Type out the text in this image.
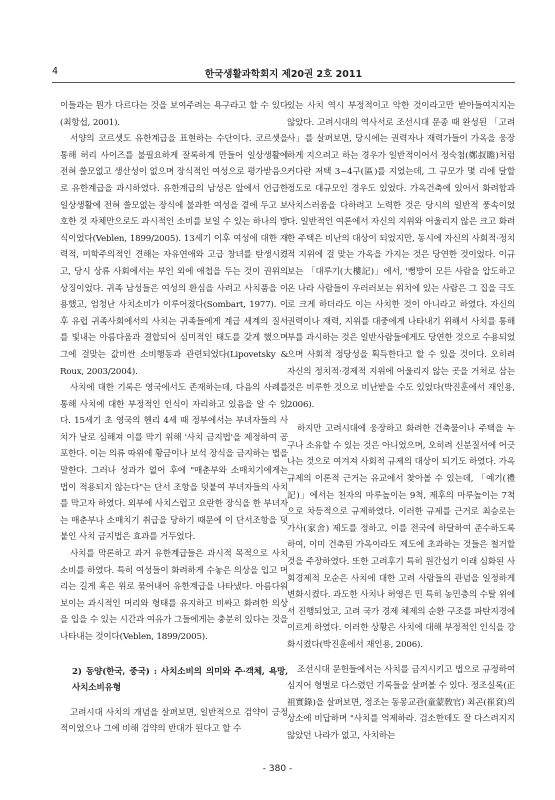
4	한국생활과학회지 제20권 2호 2011

이들과는 뭔가 다르다는 것을 보여주려는 욕구라고 할 수 있다(최항섭, 2001).

서양의 코르셋도 유한계급을 표현하는 수단이다. 코르셋을 통해 허리 사이즈를 불필요하게 잘록하게 만들어 일상생활에 전혀 쓸모없고 생산성이 없으며 장식적인 여성으로 평가받음으로 유한계급을 과시하였다. 유한계급의 남성은 앞에서 언급한 일상생활에 전혀 쓸모없는 장식에 불과한 여성을 곁에 두고 보호한 것 자체만으로도 과시적인 소비를 보일 수 있는 하나의 방식이었다(Veblen, 1899/2005). 13세기 이후 여성에 대한 재력적, 미학주의적인 견해는 자유연애와 고급 창녀를 탄생시켰고, 당시 상류 사회에서는 부인 외에 애첩을 두는 것이 권위의 상징이었다. 귀족 남성들은 여성의 환심을 사려고 사치품을 이용했고, 엄청난 사치소비가 이루어졌다(Sombart, 1977). 이후 유럽 귀족사회에서의 사치는 귀족들에게 계급 세계의 질서를 빛내는 아름다움과 결합되어 심미적인 태도를 갖게 했으며 그에 걸맞는 값비싼 소비행동과 관련되었다(Lipovetsky & Roux, 2003/2004).

사치에 대한 기록은 영국에서도 존재하는데, 다음의 사례를 통해 사치에 대한 부정적인 인식이 자리하고 있음을 알 수 있다. 15세기 초 영국의 헨리 4세 때 정부에서는 부녀자들의 사치가 날로 심해져 이를 막기 위해 '사치 금지법'을 제정하여 공포한다. 이는 의류 따위에 황금이나 보석 장식을 금지하는 법을 말한다. 그러나 성과가 없어 후에 "매춘부와 소매치기에게는 법이 적용되지 않는다"는 단서 조항을 덧붙여 부녀자들의 사치를 막고자 하였다. 외부에 사치스럽고 요란한 장식을 한 부녀자는 매춘부나 소매치기 취급을 당하기 때문에 이 단서조항을 덧붙인 사치 금지법은 효과를 거두었다.

사치를 막론하고 과거 유한계급들은 과시적 목적으로 사치소비를 하였다. 특히 여성들이 화려하게 수놓은 의상을 입고 머리는 길게 혹은 위로 묶어내어 유한계급을 나타냈다. 아름다워 보이는 과시적인 머리와 형태를 유지하고 비싸고 화려한 의상을 입을 수 있는 시간과 여유가 그들에게는 충분히 있다는 것을 나타내는 것이다(Veblen, 1899/2005).

2) 동양(한국, 중국) : 사치소비의 의미와 주·객체, 욕망, 사치소비유형

고려시대 사치의 개념을 살펴보면, 일반적으로 검약이 긍정적이었으나 그에 비해 검약의 반대가 된다고 할 수

있는 사치 역시 부정적이고 악한 것이라고만 받아들여지지는 않았다. 고려시대의 역사서로 조선시대 문종 때 완성된 「고려사」를 살펴보면, 당시에는 권력자나 재력가들이 가옥을 웅장하게 지으려고 하는 경우가 일반적이어서 정숙첨(鄭叔瞻)처럼 커다란 저택 3~4구(區)를 지었는데, 그 규모가 몇 리에 달할 정도로 대규모인 경우도 있었다. 가옥건축에 있어서 화려함과 사치스러움을 다하려고 노력한 것은 당시의 일반적 풍속이었다. 일반적인 여론에서 자신의 지위와 어울리지 않은 크고 화려한 주택은 비난의 대상이 되었지만, 동시에 자신의 사회적·정치적 지위에 걸 맞는 가옥을 가지는 것은 당연한 것이었다. 이규보는 「대루기(大樓記)」에서, '뻥방이 모든 사람을 압도하고 온 나라 사람들이 우러러보는 위치에 있는 사람은 그 집을 극도로 크게 하더라도 이는 사치한 것이 아니라고 하였다. 자신의 권력이나 재력, 지위를 대중에게 나타내기 위해서 사치를 통해 부를 과시하는 것은 일반사람들에게도 당연한 것으로 수용되었으며 사회적 정당성을 획득한다고 할 수 있을 것이다. 오히려 자신의 정치적·경제적 지위에 어울리지 않는 곳을 거처로 삼는 것은 비루한 것으로 비난받을 수도 있었다(박진훈에서 재인용, 2006).

하지만 고려시대에 웅장하고 화려한 건축물이나 주택을 누구나 소유할 수 있는 것은 아니었으며, 오히려 신분질서에 어긋나는 것으로 여겨져 사회적 규제의 대상이 되기도 하였다. 가옥 규제의 이론적 근거는 유교에서 찾아볼 수 있는데, 「예기(禮記)」에서는 천자의 마루높이는 9척, 제후의 마루높이는 7척으로 차등적으로 규제하였다. 이러한 규제를 근거로 최승로는 가사(家舍) 제도를 정하고, 이를 전국에 하달하여 준수하도록 하여, 이미 건축된 가옥이라도 제도에 초과하는 것들은 철거할 것을 주장하였다. 또한 고려후기 특히 원간섭기 이래 심화된 사회경제적 모순은 사치에 대한 고려 사람들의 관념을 일정하게 변화시켰다. 과도한 사치나 허영은 민 특히 농민층의 수탈 위에서 진행되었고, 고려 국가 경제 체제의 순환 구조를 파탄지경에 이르게 하였다. 이러한 상황은 사치에 대해 부정적인 인식을 강화시켰다(박진훈에서 재인용, 2006).

조선시대 문헌들에서는 사치를 금지시키고 법으로 규정하여 심지어 형벌로 다스렸던 기록들을 살펴볼 수 있다. 정조실록(正祖實錄)을 살펴보면, 정조는 동몽교관(童蒙敎官) 최곤(崔袞)의 상소에 비답하며 "사치를 억제하라. 검소한데도 잘 다스려지지 않았던 나라가 없고, 사치하는

- 380 -
